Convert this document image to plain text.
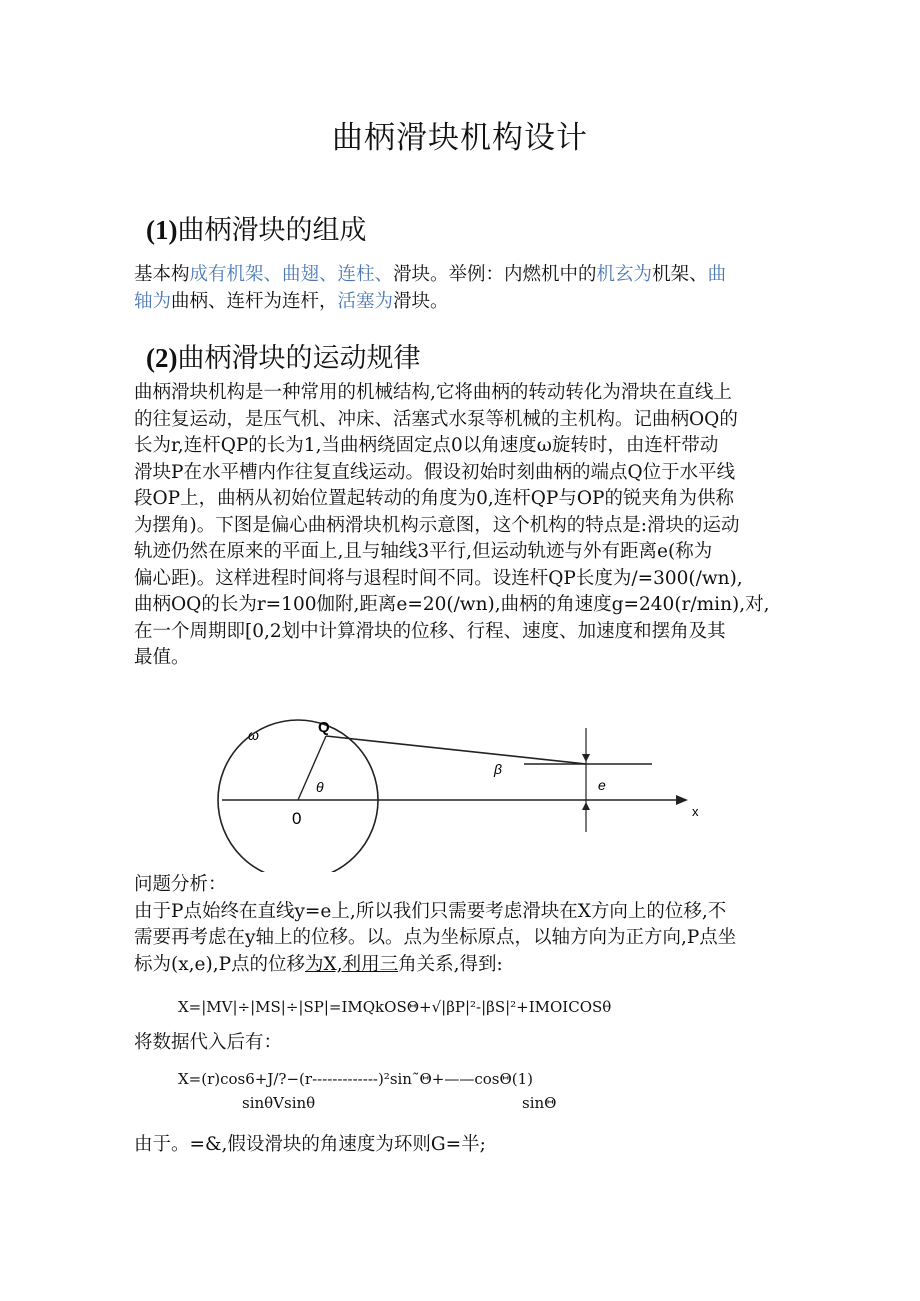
曲柄滑块机构设计
(1)曲柄滑块的组成
基本构成有机架、曲翅、连柱、滑块。举例：内燃机中的机玄为机架、曲
轴为曲柄、连杆为连杆，活塞为滑块。
(2)曲柄滑块的运动规律
曲柄滑块机构是一种常用的机械结构,它将曲柄的转动转化为滑块在直线上
的往复运动，是压气机、冲床、活塞式水泵等机械的主机构。记曲柄OQ的
长为r,连杆QP的长为1,当曲柄绕固定点0以角速度ω旋转时，由连杆带动
滑块P在水平槽内作往复直线运动。假设初始时刻曲柄的端点Q位于水平线
段OP上，曲柄从初始位置起转动的角度为0,连杆QP与OP的锐夹角为供称
为摆角)。下图是偏心曲柄滑块机构示意图，这个机构的特点是:滑块的运动
轨迹仍然在原来的平面上,且与轴线3平行,但运动轨迹与外有距离e(称为
偏心距)。这样进程时间将与退程时间不同。设连杆QP长度为/=300(/wn),
曲柄OQ的长为r=100伽附,距离e=20(/wn),曲柄的角速度g=240(r/min),对,
在一个周期即[0,2划中计算滑块的位移、行程、速度、加速度和摆角及其
最值。
ω	Q
β
θ
0
e
x
问题分析：
由于P点始终在直线y=e上,所以我们只需要考虑滑块在X方向上的位移,不
需要再考虑在y轴上的位移。以。点为坐标原点，以轴方向为正方向,P点坐
标为(x,e),P点的位移为X,利用三角关系,得到:
X=|MV|÷|MS|÷|SP|=IMQkOSΘ+√|βP|²-|βS|²+IMOICOSθ
将数据代入后有：
X=(r)cos6+J/?−(r-------------)²sin˜Θ+——cosΘ(1)
sinθVsinθ	sinΘ
由于。=&,假设滑块的角速度为环则G=半;
